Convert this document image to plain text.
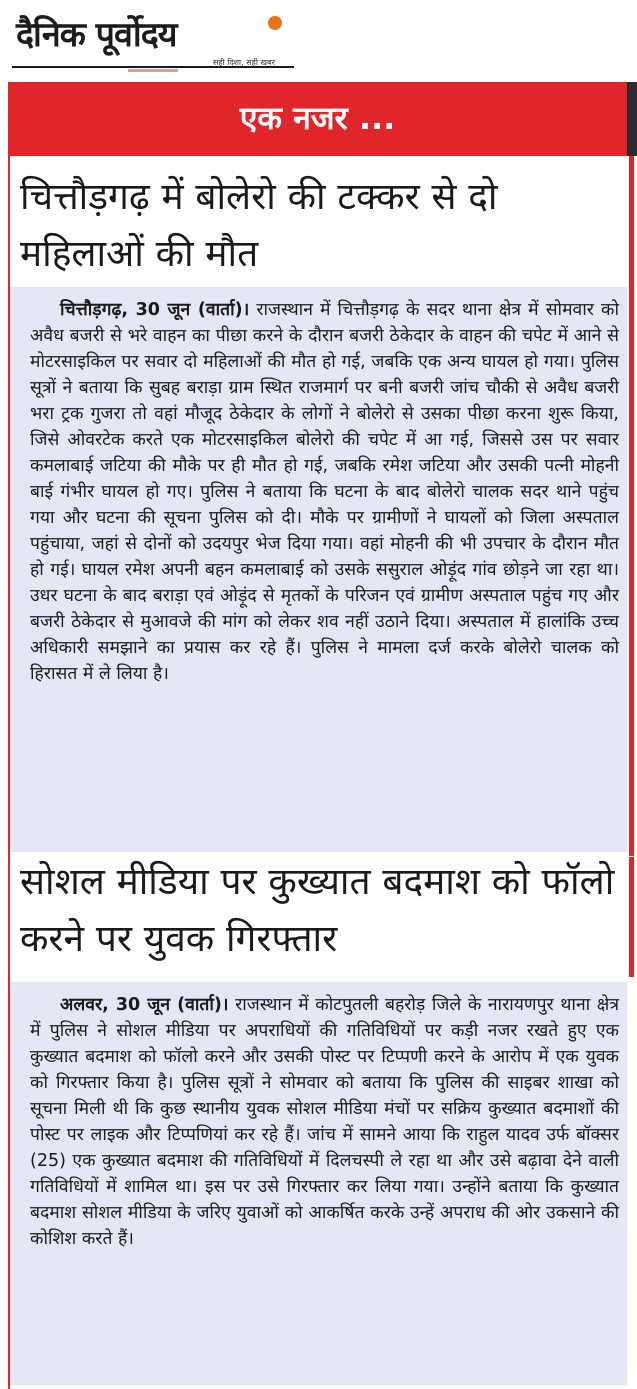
दैनिक पूर्वोदय
सही दिशा, सही खबर
एक नजर ...
चित्तौड़गढ़ में बोलेरो की टक्कर से दो महिलाओं की मौत
चित्तौड़गढ़, 30 जून (वार्ता)। राजस्थान में चित्तौड़गढ़ के सदर थाना क्षेत्र में सोमवार को अवैध बजरी से भरे वाहन का पीछा करने के दौरान बजरी ठेकेदार के वाहन की चपेट में आने से मोटरसाइकिल पर सवार दो महिलाओं की मौत हो गई, जबकि एक अन्य घायल हो गया। पुलिस सूत्रों ने बताया कि सुबह बराड़ा ग्राम स्थित राजमार्ग पर बनी बजरी जांच चौकी से अवैध बजरी भरा ट्रक गुजरा तो वहां मौजूद ठेकेदार के लोगों ने बोलेरो से उसका पीछा करना शुरू किया, जिसे ओवरटेक करते एक मोटरसाइकिल बोलेरो की चपेट में आ गई, जिससे उस पर सवार कमलाबाई जटिया की मौके पर ही मौत हो गई, जबकि रमेश जटिया और उसकी पत्नी मोहनी बाई गंभीर घायल हो गए। पुलिस ने बताया कि घटना के बाद बोलेरो चालक सदर थाने पहुंच गया और घटना की सूचना पुलिस को दी। मौके पर ग्रामीणों ने घायलों को जिला अस्पताल पहुंचाया, जहां से दोनों को उदयपुर भेज दिया गया। वहां मोहनी की भी उपचार के दौरान मौत हो गई। घायल रमेश अपनी बहन कमलाबाई को उसके ससुराल ओड़ूंद गांव छोड़ने जा रहा था। उधर घटना के बाद बराड़ा एवं ओड़ूंद से मृतकों के परिजन एवं ग्रामीण अस्पताल पहुंच गए और बजरी ठेकेदार से मुआवजे की मांग को लेकर शव नहीं उठाने दिया। अस्पताल में हालांकि उच्च अधिकारी समझाने का प्रयास कर रहे हैं। पुलिस ने मामला दर्ज करके बोलेरो चालक को हिरासत में ले लिया है।
सोशल मीडिया पर कुख्यात बदमाश को फॉलो करने पर युवक गिरफ्तार
अलवर, 30 जून (वार्ता)। राजस्थान में कोटपुतली बहरोड़ जिले के नारायणपुर थाना क्षेत्र में पुलिस ने सोशल मीडिया पर अपराधियों की गतिविधियों पर कड़ी नजर रखते हुए एक कुख्यात बदमाश को फॉलो करने और उसकी पोस्ट पर टिप्पणी करने के आरोप में एक युवक को गिरफ्तार किया है। पुलिस सूत्रों ने सोमवार को बताया कि पुलिस की साइबर शाखा को सूचना मिली थी कि कुछ स्थानीय युवक सोशल मीडिया मंचों पर सक्रिय कुख्यात बदमाशों की पोस्ट पर लाइक और टिप्पणियां कर रहे हैं। जांच में सामने आया कि राहुल यादव उर्फ बॉक्सर (25) एक कुख्यात बदमाश की गतिविधियों में दिलचस्पी ले रहा था और उसे बढ़ावा देने वाली गतिविधियों में शामिल था। इस पर उसे गिरफ्तार कर लिया गया। उन्होंने बताया कि कुख्यात बदमाश सोशल मीडिया के जरिए युवाओं को आकर्षित करके उन्हें अपराध की ओर उकसाने की कोशिश करते हैं।
